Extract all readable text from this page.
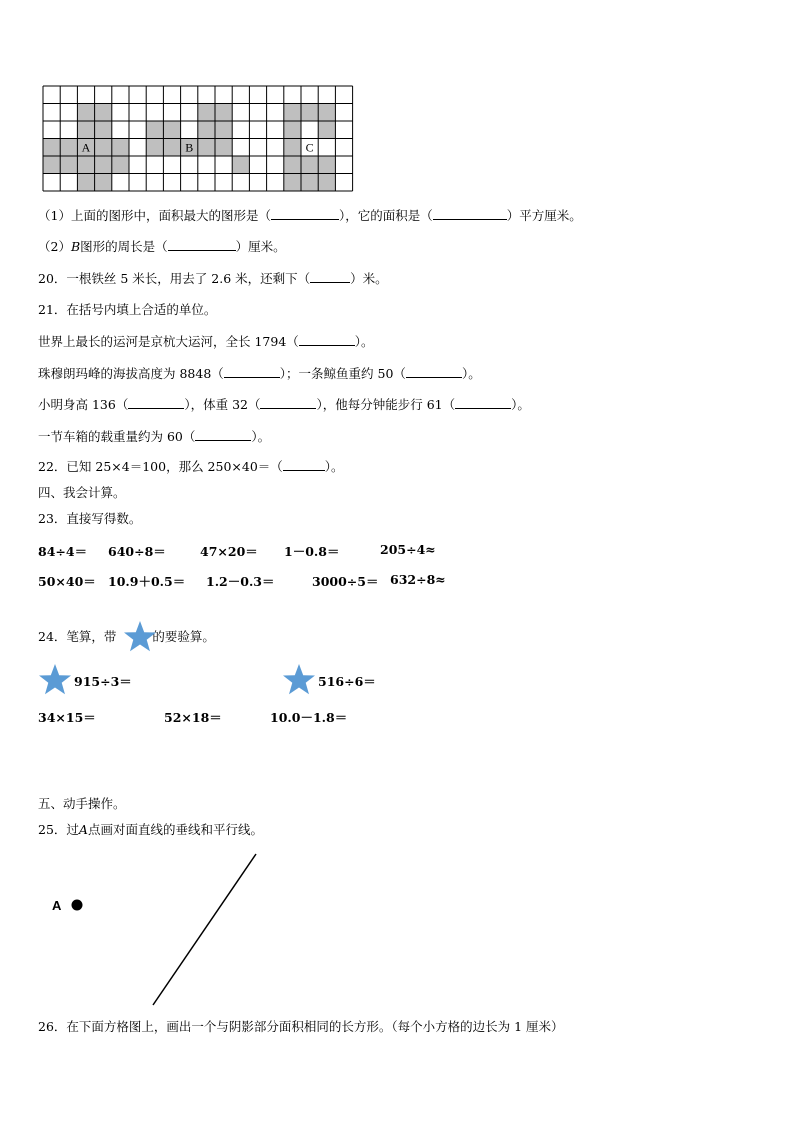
A	B	C
（1）上面的图形中，面积最大的图形是（	），它的面积是（	）平方厘米。
（2）B图形的周长是（	）厘米。
20．一根铁丝 5 米长，用去了 2.6 米，还剩下（	）米。
21．在括号内填上合适的单位。
世界上最长的运河是京杭大运河，全长 1794（	）。
珠穆朗玛峰的海拔高度为 8848（	）；一条鲸鱼重约 50（	）。
小明身高 136（	），体重 32（	），他每分钟能步行 61（	）。
一节车箱的载重量约为 60（	）。
22．已知 25×4＝100，那么 250×40＝（	）。
四、我会计算。
23．直接写得数。
84÷4＝ 640÷8＝	47×20＝ 1－0.8＝	205÷4≈
50×40＝ 10.9＋0.5＝ 1.2－0.3＝	3000÷5＝ 632÷8≈
24．笔算，带	的要验算。
915÷3＝	516÷6＝
34×15＝	52×18＝	10.0－1.8＝
五、动手操作。
25．过A点画对面直线的垂线和平行线。
A
26．在下面方格图上，画出一个与阴影部分面积相同的长方形。（每个小方格的边长为 1 厘米）
